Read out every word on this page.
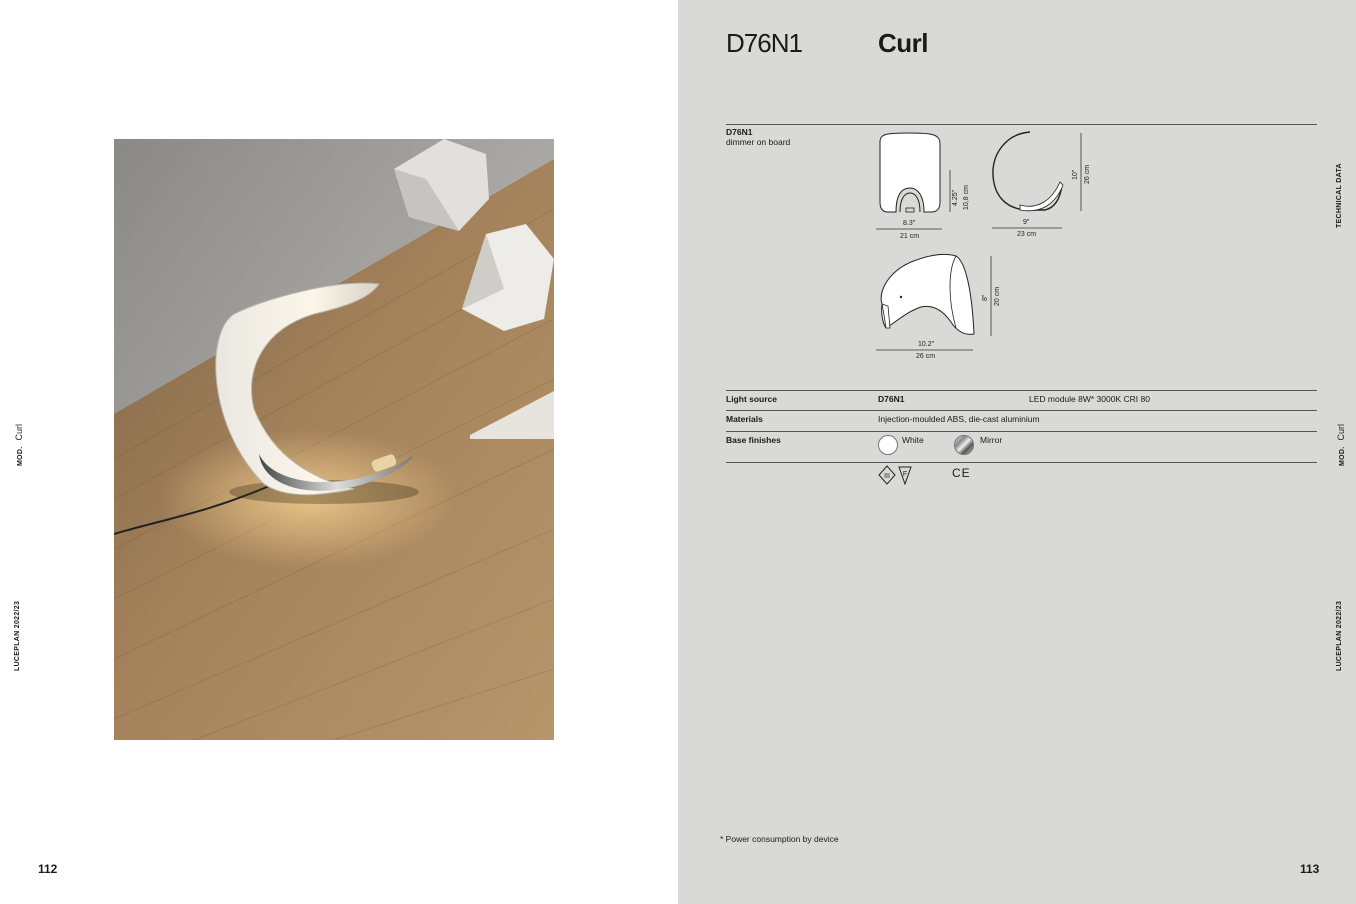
MOD.Curl
LUCEPLAN 2022/23
112
D76N1	Curl
D76N1
dimmer on board
8.3"
21 cm
4.25" 10,8 cm
9"
23 cm
10" 26 cm
10.2"
26 cm
8" 20 cm
Light source	D76N1	LED module 8W* 3000K CRI 80
Materials	Injection-moulded ABS, die-cast aluminium
Base finishes	White	Mirror
III F	CE
TECHNICAL DATA
MOD.Curl
LUCEPLAN 2022/23
* Power consumption by device
113
